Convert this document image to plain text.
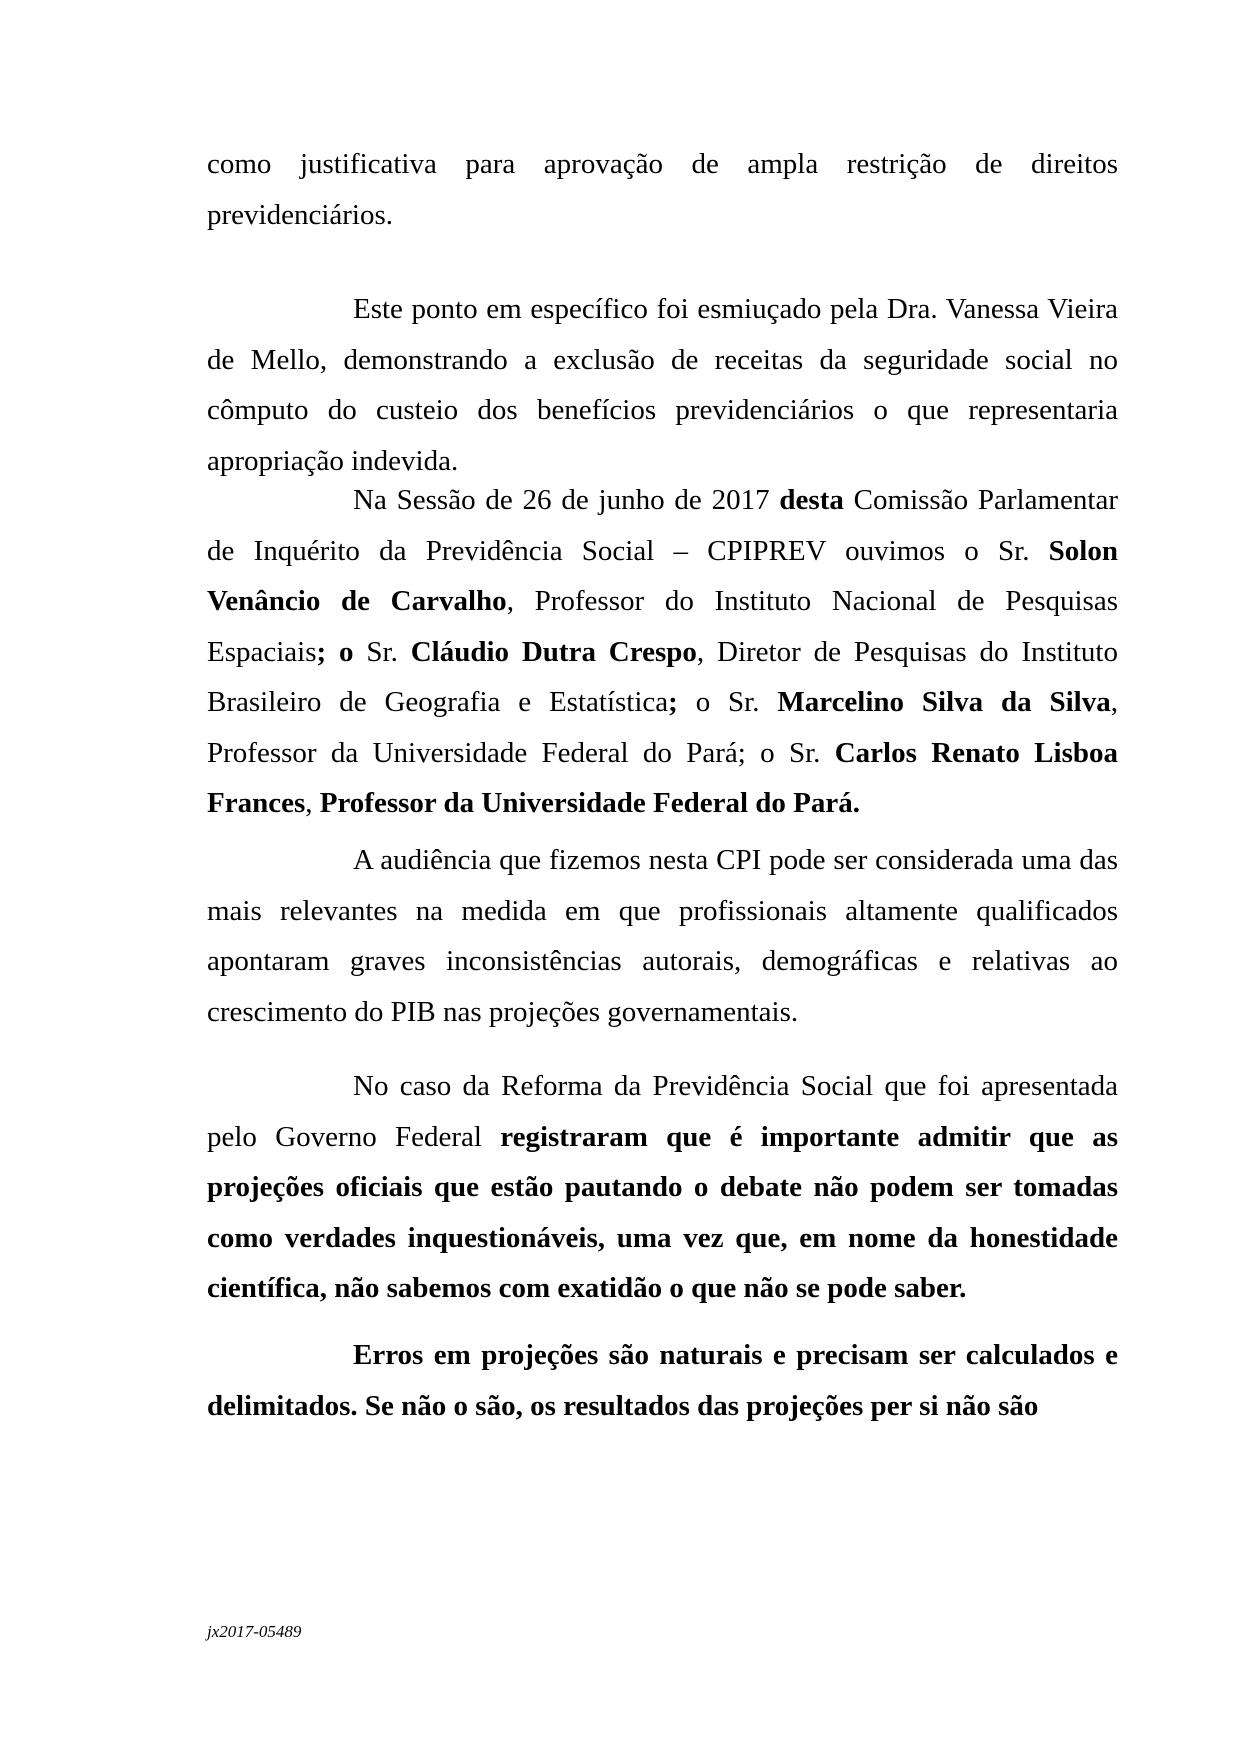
como justificativa para aprovação de ampla restrição de direitos previdenciários.

Este ponto em específico foi esmiuçado pela Dra. Vanessa Vieira de Mello, demonstrando a exclusão de receitas da seguridade social no cômputo do custeio dos benefícios previdenciários o que representaria apropriação indevida.

Na Sessão de 26 de junho de 2017 desta Comissão Parlamentar de Inquérito da Previdência Social – CPIPREV ouvimos o Sr. Solon Venâncio de Carvalho, Professor do Instituto Nacional de Pesquisas Espaciais; o Sr. Cláudio Dutra Crespo, Diretor de Pesquisas do Instituto Brasileiro de Geografia e Estatística; o Sr. Marcelino Silva da Silva, Professor da Universidade Federal do Pará; o Sr. Carlos Renato Lisboa Frances, Professor da Universidade Federal do Pará.

A audiência que fizemos nesta CPI pode ser considerada uma das mais relevantes na medida em que profissionais altamente qualificados apontaram graves inconsistências autorais, demográficas e relativas ao crescimento do PIB nas projeções governamentais.

No caso da Reforma da Previdência Social que foi apresentada pelo Governo Federal registraram que é importante admitir que as projeções oficiais que estão pautando o debate não podem ser tomadas como verdades inquestionáveis, uma vez que, em nome da honestidade científica, não sabemos com exatidão o que não se pode saber.

Erros em projeções são naturais e precisam ser calculados e delimitados. Se não o são, os resultados das projeções per si não são

jx2017-05489
